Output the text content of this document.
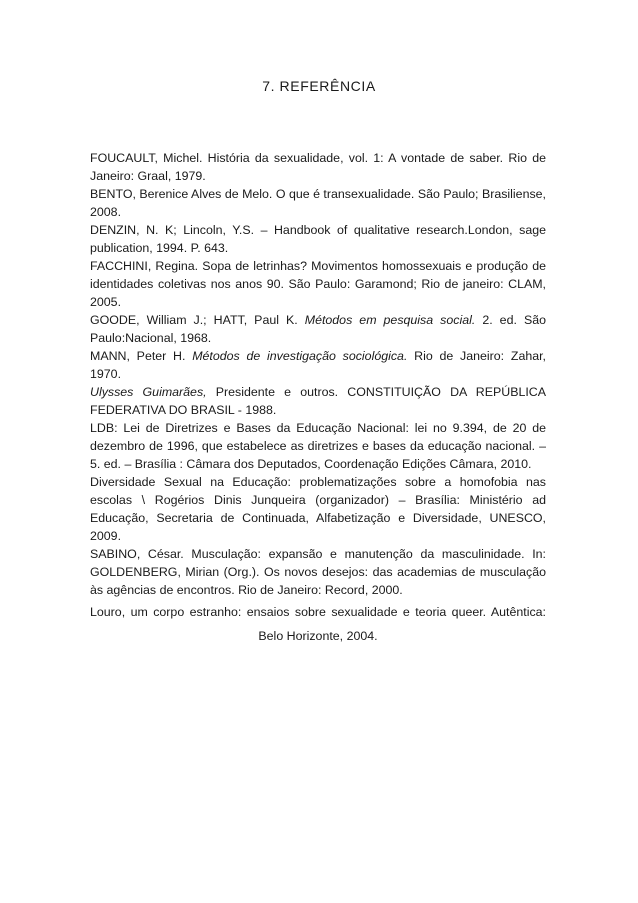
7. REFERÊNCIA
FOUCAULT, Michel. História da sexualidade, vol. 1: A vontade de saber. Rio de Janeiro: Graal, 1979.
BENTO, Berenice Alves de Melo. O que é transexualidade. São Paulo; Brasiliense, 2008.
DENZIN, N. K; Lincoln, Y.S. – Handbook of qualitative research.London, sage publication, 1994. P. 643.
FACCHINI, Regina. Sopa de letrinhas? Movimentos homossexuais e produção de identidades coletivas nos anos 90. São Paulo: Garamond; Rio de janeiro: CLAM, 2005.
GOODE, William J.; HATT, Paul K. Métodos em pesquisa social. 2. ed. São Paulo:Nacional, 1968.
MANN, Peter H. Métodos de investigação sociológica. Rio de Janeiro: Zahar, 1970.
Ulysses Guimarães, Presidente e outros. CONSTITUIÇÃO DA REPÚBLICA FEDERATIVA DO BRASIL - 1988.
LDB: Lei de Diretrizes e Bases da Educação Nacional: lei no 9.394, de 20 de dezembro de 1996, que estabelece as diretrizes e bases da educação nacional. – 5. ed. – Brasília : Câmara dos Deputados, Coordenação Edições Câmara, 2010.
Diversidade Sexual na Educação: problematizações sobre a homofobia nas escolas \ Rogérios Dinis Junqueira (organizador) – Brasília: Ministério ad Educação, Secretaria de Continuada, Alfabetização e Diversidade, UNESCO, 2009.
SABINO, César. Musculação: expansão e manutenção da masculinidade. In: GOLDENBERG, Mirian (Org.). Os novos desejos: das academias de musculação às agências de encontros. Rio de Janeiro: Record, 2000.
Louro, um corpo estranho: ensaios sobre sexualidade e teoria queer. Autêntica:
Belo Horizonte, 2004.
